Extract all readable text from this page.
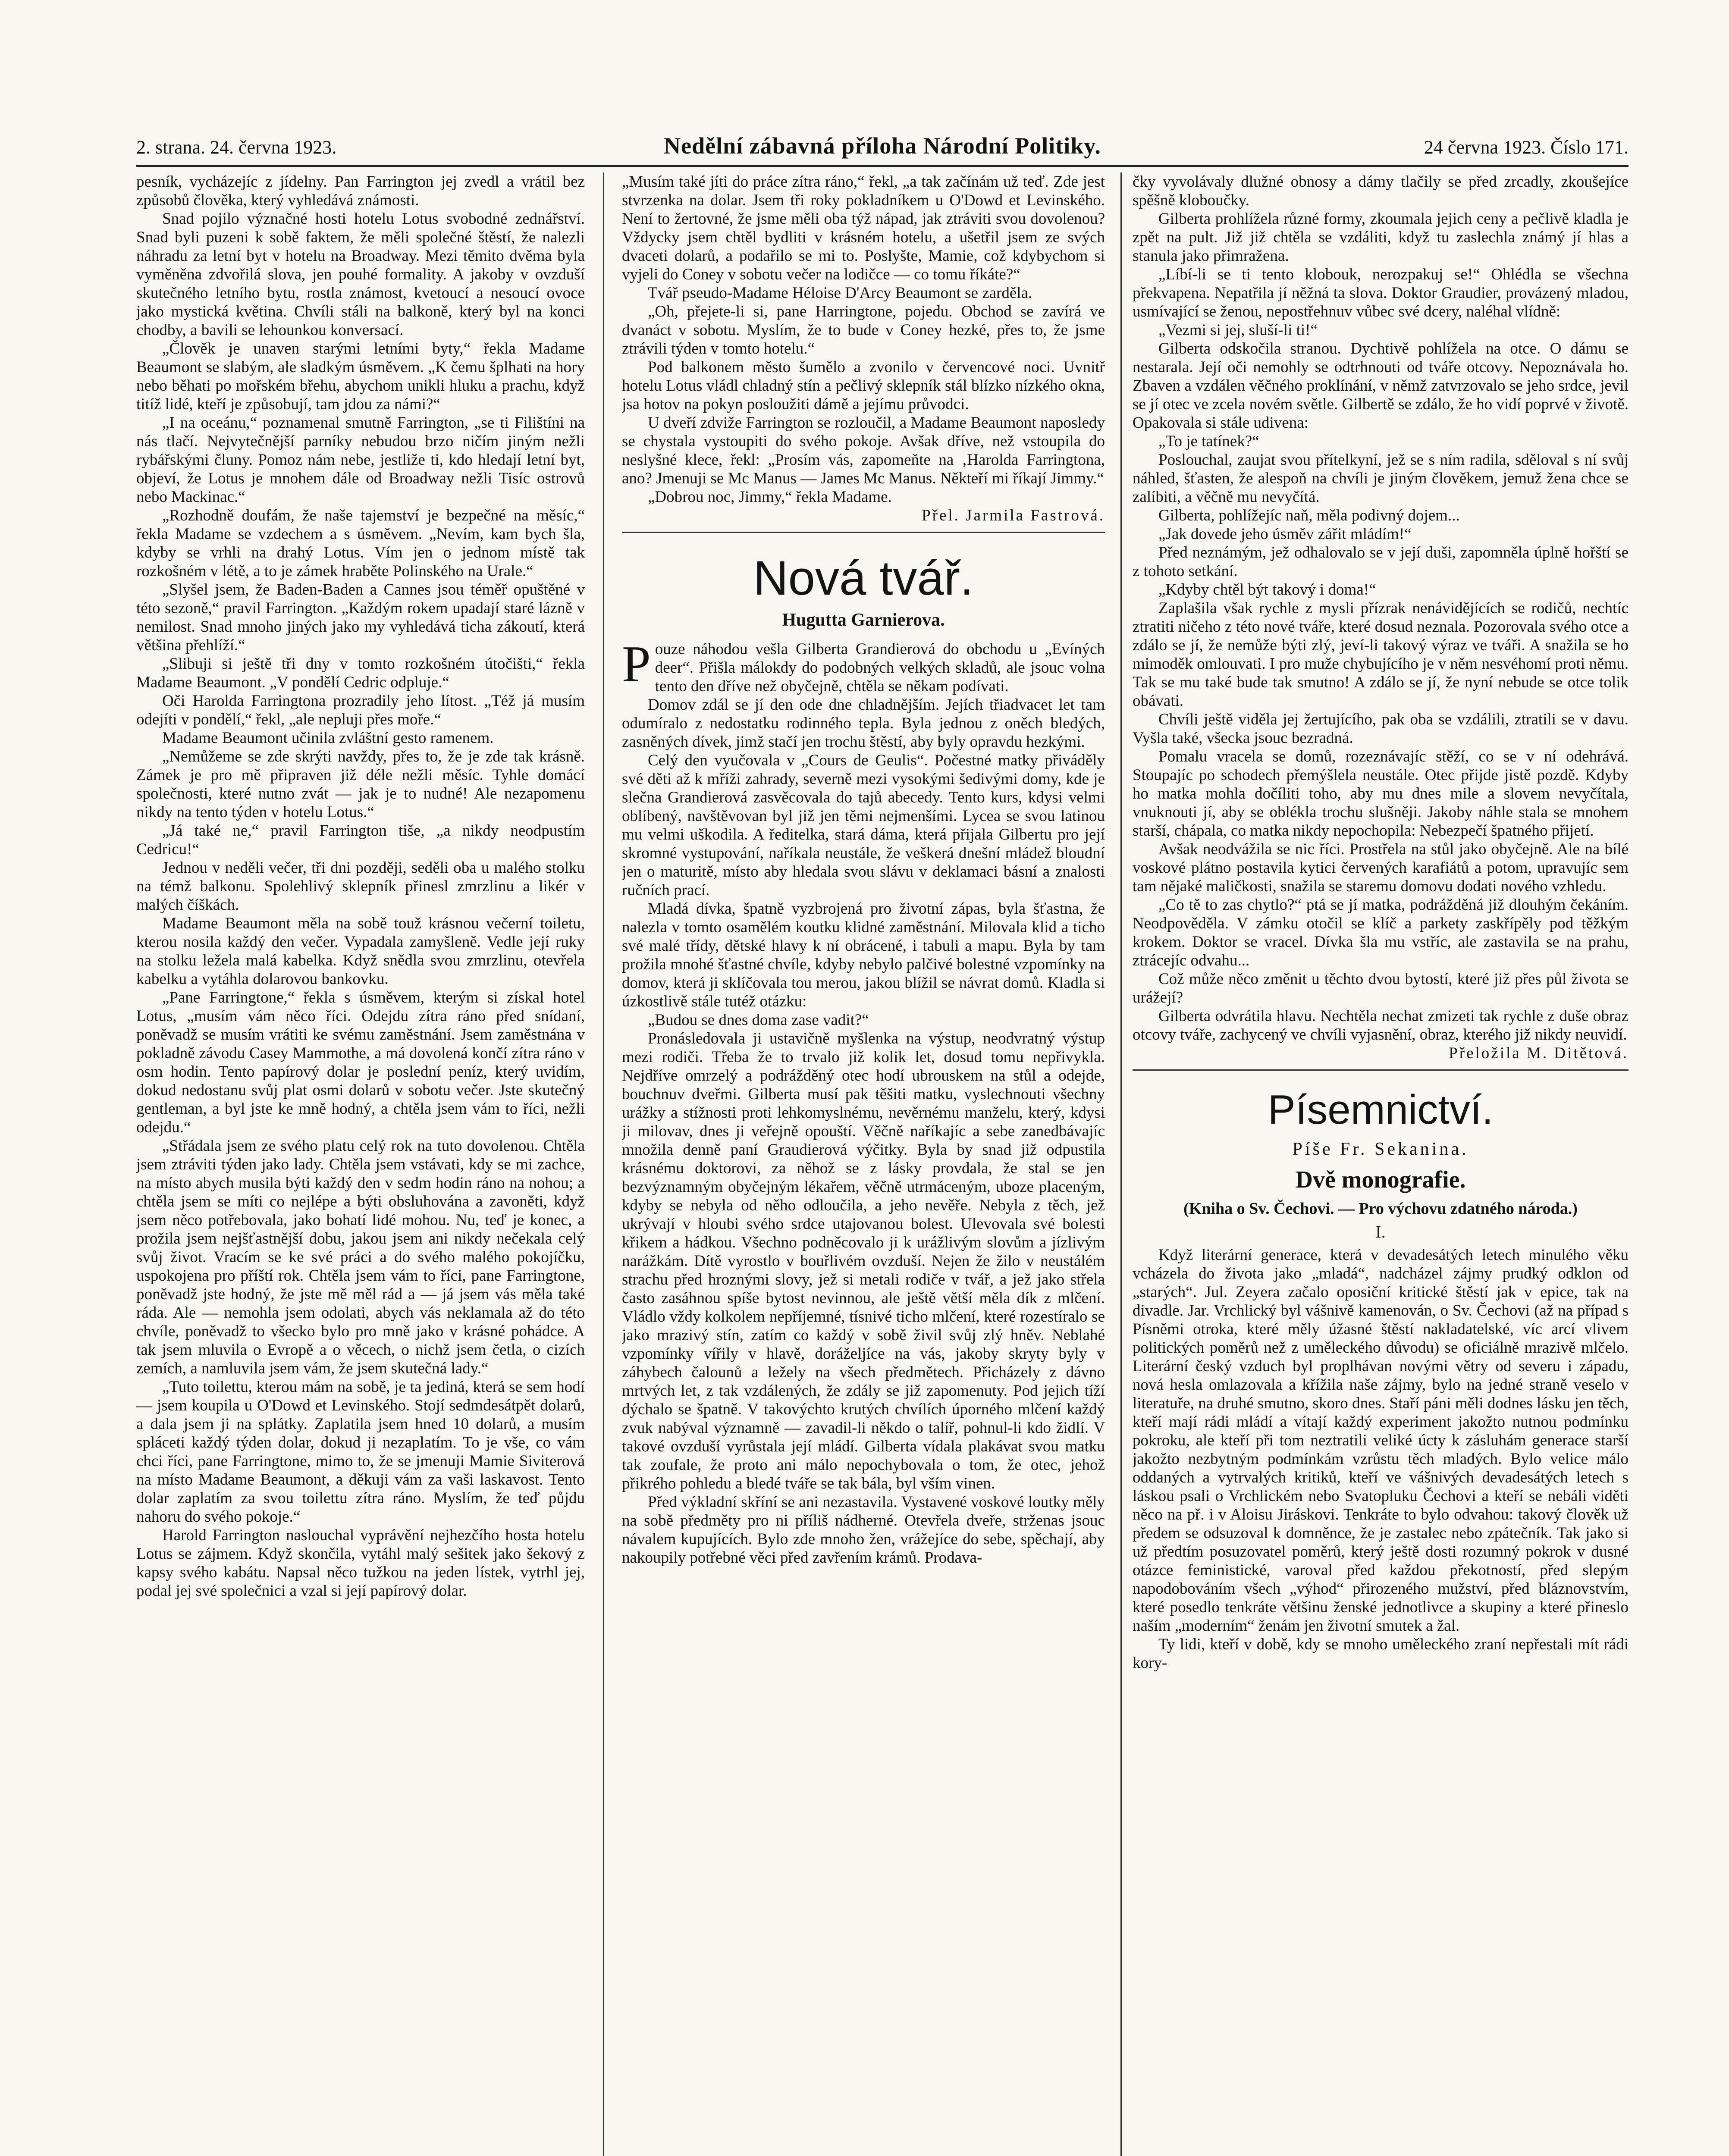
2. strana. 24. června 1923.	Nedělní zábavná příloha Národní Politiky.	24 června 1923. Číslo 171.

pesník, vycházejíc z jídelny. Pan Farrington jej zvedl a vrátil bez způsobů člověka, který vyhledává známosti.

Snad pojilo význačné hosti hotelu Lotus svobodné zednářství. Snad byli puzeni k sobě faktem, že měli společné štěstí, že nalezli náhradu za letní byt v hotelu na Broadway. Mezi těmito dvěma byla vyměněna zdvořilá slova, jen pouhé formality. A jakoby v ovzduší skutečného letního bytu, rostla známost, kvetoucí a nesoucí ovoce jako mystická květina. Chvíli stáli na balkoně, který byl na konci chodby, a bavili se lehounkou konversací.

„Člověk je unaven starými letními byty,“ řekla Madame Beaumont se slabým, ale sladkým úsměvem. „K čemu šplhati na hory nebo běhati po mořském břehu, abychom unikli hluku a prachu, když titíž lidé, kteří je způsobují, tam jdou za námi?“

„I na oceánu,“ poznamenal smutně Farrington, „se ti Filištíni na nás tlačí. Nejvytečnější parníky nebudou brzo ničím jiným nežli rybářskými čluny. Pomoz nám nebe, jestliže ti, kdo hledají letní byt, objeví, že Lotus je mnohem dále od Broadway nežli Tisíc ostrovů nebo Mackinac.“

„Rozhodně doufám, že naše tajemství je bezpečné na měsíc,“ řekla Madame se vzdechem a s úsměvem. „Nevím, kam bych šla, kdyby se vrhli na drahý Lotus. Vím jen o jednom místě tak rozkošném v létě, a to je zámek hraběte Polinského na Urale.“

„Slyšel jsem, že Baden-Baden a Cannes jsou téměř opuštěné v této sezoně,“ pravil Farrington. „Každým rokem upadají staré lázně v nemilost. Snad mnoho jiných jako my vyhledává ticha zákoutí, která většina přehlíží.“

„Slibuji si ještě tři dny v tomto rozkošném útočišti,“ řekla Madame Beaumont. „V pondělí Cedric odpluje.“

Oči Harolda Farringtona prozradily jeho lítost. „Též já musím odejíti v pondělí,“ řekl, „ale nepluji přes moře.“

Madame Beaumont učinila zvláštní gesto ramenem.

„Nemůžeme se zde skrýti navždy, přes to, že je zde tak krásně. Zámek je pro mě připraven již déle nežli měsíc. Tyhle domácí společnosti, které nutno zvát — jak je to nudné! Ale nezapomenu nikdy na tento týden v hotelu Lotus.“

„Já také ne,“ pravil Farrington tiše, „a nikdy neodpustím Cedricu!“

Jednou v neděli večer, tři dni později, seděli oba u malého stolku na témž balkonu. Spolehlivý sklepník přinesl zmrzlinu a likér v malých číškách.

Madame Beaumont měla na sobě touž krásnou večerní toiletu, kterou nosila každý den večer. Vypadala zamyšleně. Vedle její ruky na stolku ležela malá kabelka. Když snědla svou zmrzlinu, otevřela kabelku a vytáhla dolarovou bankovku.

„Pane Farringtone,“ řekla s úsměvem, kterým si získal hotel Lotus, „musím vám něco říci. Odejdu zítra ráno před snídaní, poněvadž se musím vrátiti ke svému zaměstnání. Jsem zaměstnána v pokladně závodu Casey Mammothe, a má dovolená končí zítra ráno v osm hodin. Tento papírový dolar je poslední peníz, který uvidím, dokud nedostanu svůj plat osmi dolarů v sobotu večer. Jste skutečný gentleman, a byl jste ke mně hodný, a chtěla jsem vám to říci, nežli odejdu.“

„Střádala jsem ze svého platu celý rok na tuto dovolenou. Chtěla jsem ztráviti týden jako lady. Chtěla jsem vstávati, kdy se mi zachce, na místo abych musila býti každý den v sedm hodin ráno na nohou; a chtěla jsem se míti co nejlépe a býti obsluhována a zavoněti, když jsem něco potřebovala, jako bohatí lidé mohou. Nu, teď je konec, a prožila jsem nejšťastnější dobu, jakou jsem ani nikdy nečekala celý svůj život. Vracím se ke své práci a do svého malého pokojíčku, uspokojena pro příští rok. Chtěla jsem vám to říci, pane Farringtone, poněvadž jste hodný, že jste mě měl rád a — já jsem vás měla také ráda. Ale — nemohla jsem odolati, abych vás neklamala až do této chvíle, poněvadž to všecko bylo pro mně jako v krásné pohádce. A tak jsem mluvila o Evropě a o věcech, o nichž jsem četla, o cizích zemích, a namluvila jsem vám, že jsem skutečná lady.“

„Tuto toilettu, kterou mám na sobě, je ta jediná, která se sem hodí — jsem koupila u O'Dowd et Levinského. Stojí sedmdesátpět dolarů, a dala jsem ji na splátky. Zaplatila jsem hned 10 dolarů, a musím spláceti každý týden dolar, dokud ji nezaplatím. To je vše, co vám chci říci, pane Farringtone, mimo to, že se jmenuji Mamie Siviterová na místo Madame Beaumont, a děkuji vám za vaši laskavost. Tento dolar zaplatím za svou toilettu zítra ráno. Myslím, že teď půjdu nahoru do svého pokoje.“

Harold Farrington naslouchal vyprávění nejhezčího hosta hotelu Lotus se zájmem. Když skončila, vytáhl malý sešitek jako šekový z kapsy svého kabátu. Napsal něco tužkou na jeden lístek, vytrhl jej, podal jej své společnici a vzal si její papírový dolar.

„Musím také jíti do práce zítra ráno,“ řekl, „a tak začínám už teď. Zde jest stvrzenka na dolar. Jsem tři roky pokladníkem u O'Dowd et Levinského. Není to žertovné, že jsme měli oba týž nápad, jak ztráviti svou dovolenou? Vždycky jsem chtěl bydliti v krásném hotelu, a ušetřil jsem ze svých dvaceti dolarů, a podařilo se mi to. Poslyšte, Mamie, což kdybychom si vyjeli do Coney v sobotu večer na lodičce — co tomu říkáte?“

Tvář pseudo-Madame Héloise D'Arcy Beaumont se zarděla.

„Oh, přejete-li si, pane Harringtone, pojedu. Obchod se zavírá ve dvanáct v sobotu. Myslím, že to bude v Coney hezké, přes to, že jsme ztrávili týden v tomto hotelu.“

Pod balkonem město šumělo a zvonilo v červencové noci. Uvnitř hotelu Lotus vládl chladný stín a pečlivý sklepník stál blízko nízkého okna, jsa hotov na pokyn posloužiti dámě a jejímu průvodci.

U dveří zdviže Farrington se rozloučil, a Madame Beaumont naposledy se chystala vystoupiti do svého pokoje. Avšak dříve, než vstoupila do neslyšné klece, řekl: „Prosím vás, zapomeňte na ‚Harolda Farringtona, ano? Jmenuji se Mc Manus — James Mc Manus. Někteří mi říkají Jimmy.“

„Dobrou noc, Jimmy,“ řekla Madame.

Přel. Jarmila Fastrová.

Nová tvář.
Hugutta Garnierova.

Pouze náhodou vešla Gilberta Grandierová do obchodu u „Evíných deer“. Přišla málokdy do podobných velkých skladů, ale jsouc volna tento den dříve než obyčejně, chtěla se někam podívati.

Domov zdál se jí den ode dne chladnějším. Jejích třiadvacet let tam odumíralo z nedostatku rodinného tepla. Byla jednou z oněch bledých, zasněných dívek, jimž stačí jen trochu štěstí, aby byly opravdu hezkými.

Celý den vyučovala v „Cours de Geulis“. Počestné matky přiváděly své děti až k mříži zahrady, severně mezi vysokými šedivými domy, kde je slečna Grandierová zasvěcovala do tajů abecedy. Tento kurs, kdysi velmi oblíbený, navštěvovan byl již jen těmi nejmenšími. Lycea se svou latinou mu velmi uškodila. A ředitelka, stará dáma, která přijala Gilbertu pro její skromné vystupování, naříkala neustále, že veškerá dnešní mládež bloudní jen o maturitě, místo aby hledala svou slávu v deklamaci básní a znalosti ručních prací.

Mladá dívka, špatně vyzbrojená pro životní zápas, byla šťastna, že nalezla v tomto osamělém koutku klidné zaměstnání. Milovala klid a ticho své malé třídy, dětské hlavy k ní obrácené, i tabuli a mapu. Byla by tam prožila mnohé šťastné chvíle, kdyby nebylo palčivé bolestné vzpomínky na domov, která ji sklíčovala tou merou, jakou blížil se návrat domů. Kladla si úzkostlivě stále tutéž otázku:

„Budou se dnes doma zase vadit?“

Pronásledovala ji ustavičně myšlenka na výstup, neodvratný výstup mezi rodiči. Třeba že to trvalo již kolik let, dosud tomu nepřivykla. Nejdříve omrzelý a podrážděný otec hodí ubrouskem na stůl a odejde, bouchnuv dveřmi. Gilberta musí pak těšiti matku, vyslechnouti všechny urážky a stížnosti proti lehkomyslnému, nevěrnému manželu, který, kdysi ji milovav, dnes ji veřejně opouští. Věčně naříkajíc a sebe zanedbávajíc množila denně paní Graudierová výčitky. Byla by snad již odpustila krásnému doktorovi, za něhož se z lásky provdala, že stal se jen bezvýznamným obyčejným lékařem, věčně utrmáceným, uboze placeným, kdyby se nebyla od něho odloučila, a jeho nevěře. Nebyla z těch, jež ukrývají v hloubi svého srdce utajovanou bolest. Ulevovala své bolesti křikem a hádkou. Všechno podněcovalo ji k urážlivým slovům a jízlivým narážkám. Dítě vyrostlo v bouřlivém ovzduší. Nejen že žilo v neustálém strachu před hroznými slovy, jež si metali rodiče v tvář, a jež jako střela často zasáhnou spíše bytost nevinnou, ale ještě větší měla dík z mlčení. Vládlo vždy kolkolem nepříjemné, tísnivé ticho mlčení, které rozestíralo se jako mrazivý stín, zatím co každý v sobě živil svůj zlý hněv. Neblahé vzpomínky vířily v hlavě, doráželjíce na vás, jakoby skryty byly v záhybech čalounů a ležely na všech předmětech. Přicházely z dávno mrtvých let, z tak vzdálených, že zdály se již zapomenuty. Pod jejich tíží dýchalo se špatně. V takovýchto krutých chvílích úporného mlčení každý zvuk nabýval významně — zavadil-li někdo o talíř, pohnul-li kdo židlí. V takové ovzduší vyrůstala její mládí. Gilberta vídala plakávat svou matku tak zoufale, že proto ani málo nepochybovala o tom, že otec, jehož přikrého pohledu a bledé tváře se tak bála, byl vším vinen.

Před výkladní skříní se ani nezastavila. Vystavené voskové loutky měly na sobě předměty pro ni příliš nádherné. Otevřela dveře, strženas jsouc návalem kupujících. Bylo zde mnoho žen, vrážejíce do sebe, spěchají, aby nakoupily potřebné věci před zavřením krámů. Prodava-

čky vyvolávaly dlužné obnosy a dámy tlačily se před zrcadly, zkoušejíce spěšně kloboučky.

Gilberta prohlížela různé formy, zkoumala jejich ceny a pečlivě kladla je zpět na pult. Již již chtěla se vzdáliti, když tu zaslechla známý jí hlas a stanula jako přimražena.

„Líbí-li se ti tento klobouk, nerozpakuj se!“ Ohlédla se všechna překvapena. Nepatřila jí něžná ta slova. Doktor Graudier, provázený mladou, usmívající se ženou, nepostřehnuv vůbec své dcery, naléhal vlídně:

„Vezmi si jej, sluší-li ti!“

Gilberta odskočila stranou. Dychtivě pohlížela na otce. O dámu se nestarala. Její oči nemohly se odtrhnouti od tváře otcovy. Nepoznávala ho. Zbaven a vzdálen věčného proklínání, v němž zatvrzovalo se jeho srdce, jevil se jí otec ve zcela novém světle. Gilbertě se zdálo, že ho vidí poprvé v životě. Opakovala si stále udivena:

„To je tatínek?“

Poslouchal, zaujat svou přítelkyní, jež se s ním radila, sděloval s ní svůj náhled, šťasten, že alespoň na chvíli je jiným člověkem, jemuž žena chce se zalíbiti, a věčně mu nevyčítá.

Gilberta, pohlížejíc naň, měla podivný dojem...

„Jak dovede jeho úsměv zářit mládím!“

Před neznámým, jež odhalovalo se v její duši, zapomněla úplně hořští se z tohoto setkání.

„Kdyby chtěl být takový i doma!“

Zaplašila však rychle z mysli přízrak nenávidějících se rodičů, nechtíc ztratiti ničeho z této nové tváře, které dosud neznala. Pozorovala svého otce a zdálo se jí, že nemůže býti zlý, jeví-li takový výraz ve tváři. A snažila se ho mimoděk omlouvati. I pro muže chybujícího je v něm nesvéhomí proti němu. Tak se mu také bude tak smutno! A zdálo se jí, že nyní nebude se otce tolik obávati.

Chvíli ještě viděla jej žertujícího, pak oba se vzdálili, ztratili se v davu. Vyšla také, všecka jsouc bezradná.

Pomalu vracela se domů, rozeznávajíc stěží, co se v ní odehrává. Stoupajíc po schodech přemýšlela neustále. Otec přijde jistě pozdě. Kdyby ho matka mohla dočíliti toho, aby mu dnes mile a slovem nevyčítala, vnuknouti jí, aby se oblékla trochu slušněji. Jakoby náhle stala se mnohem starší, chápala, co matka nikdy nepochopila: Nebezpečí špatného přijetí.

Avšak neodvážila se nic říci. Prostřela na stůl jako obyčejně. Ale na bílé voskové plátno postavila kytici červených karafiátů a potom, upravujíc sem tam nějaké maličkosti, snažila se staremu domovu dodati nového vzhledu.

„Co tě to zas chytlo?“ ptá se jí matka, podrážděná již dlouhým čekáním. Neodpověděla. V zámku otočil se klíč a parkety zaskřípěly pod těžkým krokem. Doktor se vracel. Dívka šla mu vstříc, ale zastavila se na prahu, ztrácejíc odvahu...

Což může něco změnit u těchto dvou bytostí, které již přes půl života se urážejí?

Gilberta odvrátila hlavu. Nechtěla nechat zmizeti tak rychle z duše obraz otcovy tváře, zachycený ve chvíli vyjasnění, obraz, kterého již nikdy neuvidí.

Přeložila M. Ditětová.

Písemnictví.
Píše Fr. Sekanina.
Dvě monografie.
(Kniha o Sv. Čechovi. — Pro výchovu zdatného národa.)
I.

Když literární generace, která v devadesátých letech minulého věku vcházela do života jako „mladá“, nadcházel zájmy prudký odklon od „starých“. Jul. Zeyera začalo oposiční kritické štěstí jak v epice, tak na divadle. Jar. Vrchlický byl vášnivě kamenován, o Sv. Čechovi (až na případ s Písněmi otroka, které měly úžasné štěstí nakladatelské, víc arcí vlivem politických poměrů než z uměleckého důvodu) se oficiálně mrazivě mlčelo. Literární český vzduch byl proplhávan novými větry od severu i západu, nová hesla omlazovala a křížila naše zájmy, bylo na jedné straně veselo v literatuře, na druhé smutno, skoro dnes. Staří páni měli dodnes lásku jen těch, kteří mají rádi mládí a vítají každý experiment jakožto nutnou podmínku pokroku, ale kteří při tom neztratili veliké úcty k zásluhám generace starší jakožto nezbytným podmínkám vzrůstu těch mladých. Bylo velice málo oddaných a vytrvalých kritiků, kteří ve vášnivých devadesátých letech s láskou psali o Vrchlickém nebo Svatopluku Čechovi a kteří se nebáli viděti něco na př. i v Aloisu Jiráskovi. Tenkráte to bylo odvahou: takový člověk už předem se odsuzoval k domněnce, že je zastalec nebo zpátečník. Tak jako si už předtím posuzovatel poměrů, který ještě dosti rozumný pokrok v dusné otázce feministické, varoval před každou překotností, před slepým napodobováním všech „výhod“ přirozeného mužství, před bláznovstvím, které posedlo tenkráte většinu ženské jednotlivce a skupiny a které přineslo naším „moderním“ ženám jen životní smutek a žal.

Ty lidi, kteří v době, kdy se mnoho uměleckého zraní nepřestali mít rádi kory-
